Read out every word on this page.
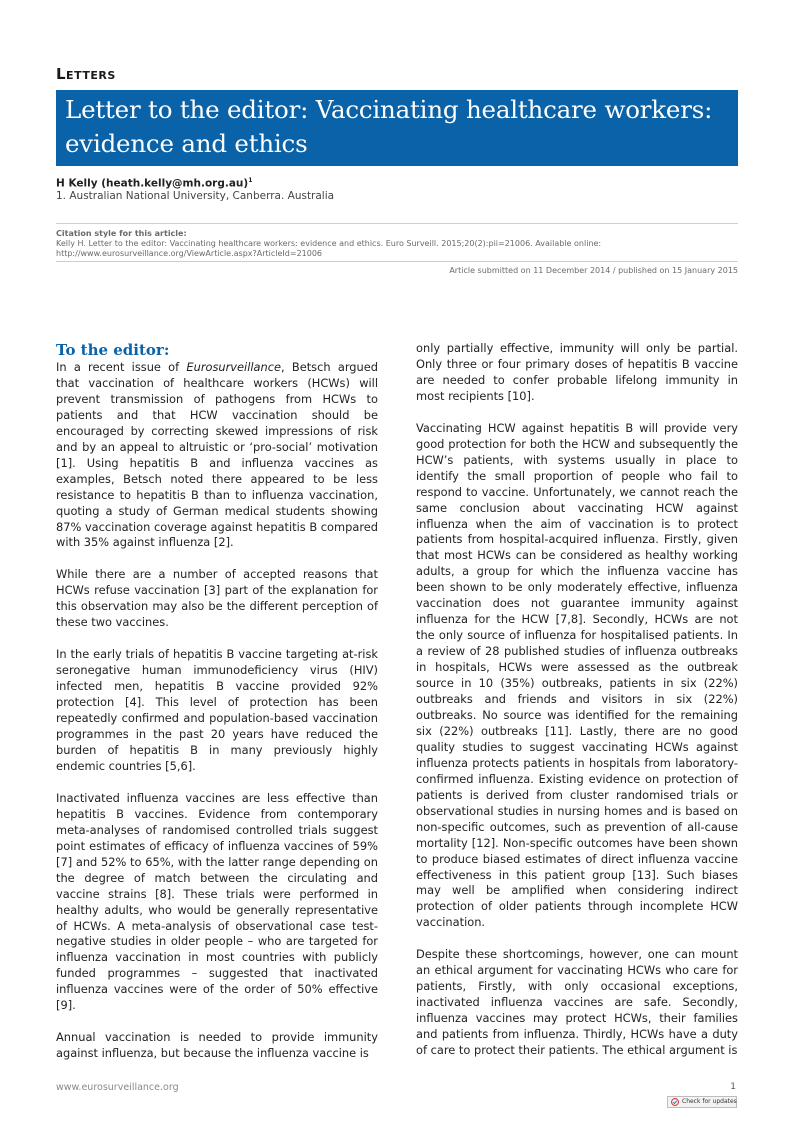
Letters
Letter to the editor: Vaccinating healthcare workers:
evidence and ethics
H Kelly (heath.kelly@mh.org.au)$^1$
1. Australian National University, Canberra. Australia
Citation style for this article:
Kelly H. Letter to the editor: Vaccinating healthcare workers: evidence and ethics. Euro Surveill. 2015;20(2):pii=21006. Available online: http://www.eurosurveillance.org/ViewArticle.aspx?ArticleId=21006
Article submitted on 11 December 2014 / published on 15 January 2015
To the editor:

In a recent issue of Eurosurveillance, Betsch argued that vaccination of healthcare workers (HCWs) will prevent transmission of pathogens from HCWs to patients and that HCW vaccination should be encouraged by correcting skewed impressions of risk and by an appeal to altruistic or ‘pro-social’ motivation [1]. Using hepatitis B and influenza vaccines as examples, Betsch noted there appeared to be less resistance to hepatitis B than to influenza vaccination, quoting a study of German medical students showing 87% vaccination coverage against hepatitis B compared with 35% against influenza [2].

While there are a number of accepted reasons that HCWs refuse vaccination [3] part of the explanation for this observation may also be the different perception of these two vaccines.

In the early trials of hepatitis B vaccine targeting at-risk seronegative human immunodeficiency virus (HIV) infected men, hepatitis B vaccine provided 92% protection [4]. This level of protection has been repeatedly confirmed and population-based vaccination programmes in the past 20 years have reduced the burden of hepatitis B in many previously highly endemic countries [5,6].

Inactivated influenza vaccines are less effective than hepatitis B vaccines. Evidence from contemporary meta-analyses of randomised controlled trials suggest point estimates of efficacy of influenza vaccines of 59% [7] and 52% to 65%, with the latter range depending on the degree of match between the circulating and vaccine strains [8]. These trials were performed in healthy adults, who would be generally representative of HCWs. A meta-analysis of observational case test-negative studies in older people – who are targeted for influenza vaccination in most countries with publicly funded programmes – suggested that inactivated influenza vaccines were of the order of 50% effective [9].

Annual vaccination is needed to provide immunity against influenza, but because the influenza vaccine is

only partially effective, immunity will only be partial. Only three or four primary doses of hepatitis B vaccine are needed to confer probable lifelong immunity in most recipients [10].

Vaccinating HCW against hepatitis B will provide very good protection for both the HCW and subsequently the HCW’s patients, with systems usually in place to identify the small proportion of people who fail to respond to vaccine. Unfortunately, we cannot reach the same conclusion about vaccinating HCW against influenza when the aim of vaccination is to protect patients from hospital-acquired influenza. Firstly, given that most HCWs can be considered as healthy working adults, a group for which the influenza vaccine has been shown to be only moderately effective, influenza vaccination does not guarantee immunity against influenza for the HCW [7,8]. Secondly, HCWs are not the only source of influenza for hospitalised patients. In a review of 28 published studies of influenza outbreaks in hospitals, HCWs were assessed as the outbreak source in 10 (35%) outbreaks, patients in six (22%) outbreaks and friends and visitors in six (22%) outbreaks. No source was identified for the remaining six (22%) outbreaks [11]. Lastly, there are no good quality studies to suggest vaccinating HCWs against influenza protects patients in hospitals from laboratory-confirmed influenza. Existing evidence on protection of patients is derived from cluster randomised trials or observational studies in nursing homes and is based on non-specific outcomes, such as prevention of all-cause mortality [12]. Non-specific outcomes have been shown to produce biased estimates of direct influenza vaccine effectiveness in this patient group [13]. Such biases may well be amplified when considering indirect protection of older patients through incomplete HCW vaccination.

Despite these shortcomings, however, one can mount an ethical argument for vaccinating HCWs who care for patients, Firstly, with only occasional exceptions, inactivated influenza vaccines are safe. Secondly, influenza vaccines may protect HCWs, their families and patients from influenza. Thirdly, HCWs have a duty of care to protect their patients. The ethical argument is

www.eurosurveillance.org	1
Check for updates
